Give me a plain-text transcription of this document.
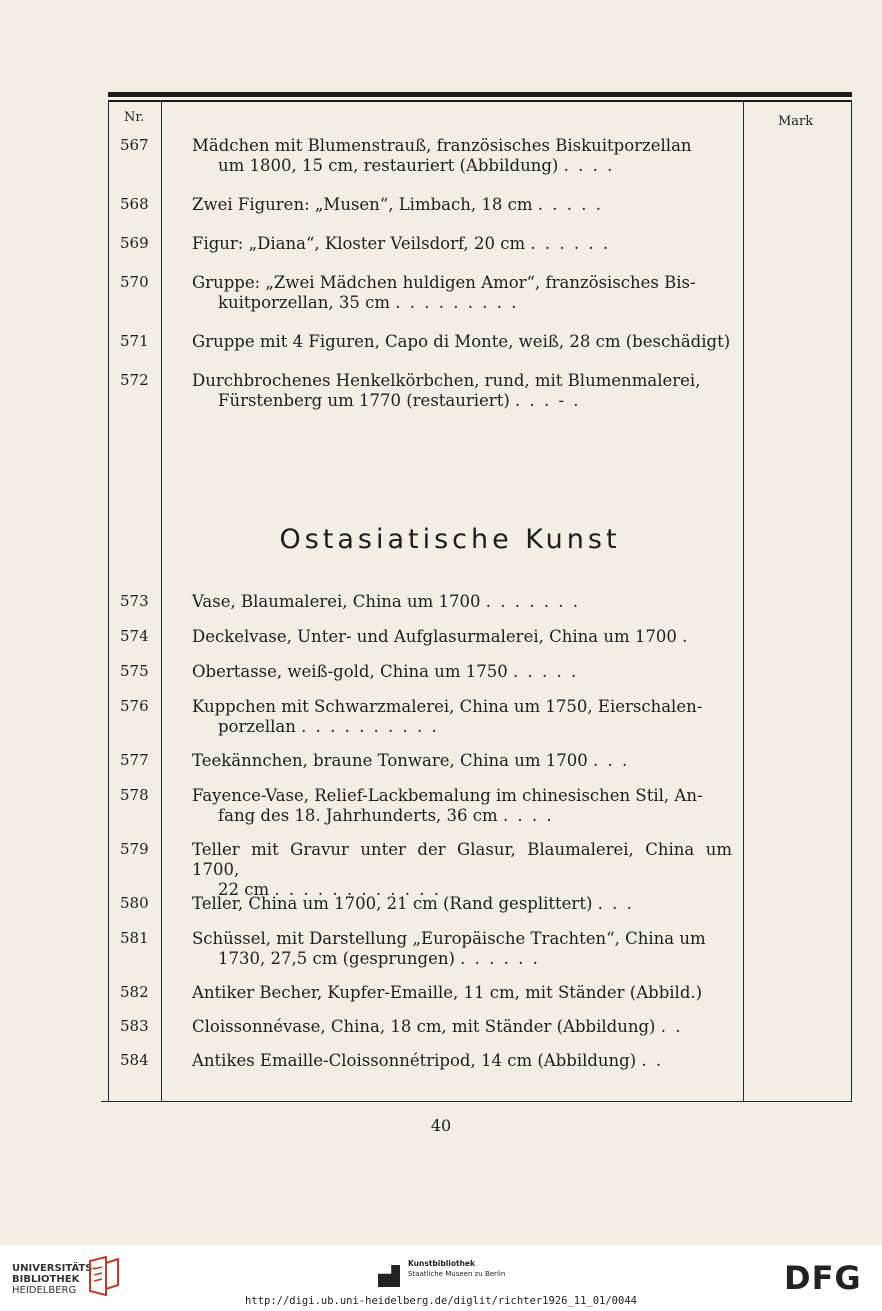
Nr.	Mark
567	Mädchen mit Blumenstrauß, französisches Biskuitporzellan
um 1800, 15 cm, restauriert (Abbildung) . . . .
568	Zwei Figuren: „Musen“, Limbach, 18 cm . . . . .
569	Figur: „Diana“, Kloster Veilsdorf, 20 cm . . . . . .
570	Gruppe: „Zwei Mädchen huldigen Amor“, französisches Bis-
kuitporzellan, 35 cm . . . . . . . . .
571	Gruppe mit 4 Figuren, Capo di Monte, weiß, 28 cm (beschädigt)
572	Durchbrochenes Henkelkörbchen, rund, mit Blumenmalerei,
Fürstenberg um 1770 (restauriert) . . . - .
Ostasiatische Kunst
573	Vase, Blaumalerei, China um 1700 . . . . . . .
574	Deckelvase, Unter- und Aufglasurmalerei, China um 1700 .
575	Obertasse, weiß-gold, China um 1750 . . . . .
576	Kuppchen mit Schwarzmalerei, China um 1750, Eierschalen-
porzellan . . . . . . . . . .
577	Teekännchen, braune Tonware, China um 1700 . . .
578	Fayence-Vase, Relief-Lackbemalung im chinesischen Stil, An-
fang des 18. Jahrhunderts, 36 cm . . . .
579	Teller mit Gravur unter der Glasur, Blaumalerei, China um 1700,
22 cm . . . . . . . . . . . .
580	Teller, China um 1700, 21 cm (Rand gesplittert) . . .
581	Schüssel, mit Darstellung „Europäische Trachten“, China um
1730, 27,5 cm (gesprungen) . . . . . .
582	Antiker Becher, Kupfer-Emaille, 11 cm, mit Ständer (Abbild.)
583	Cloissonnévase, China, 18 cm, mit Ständer (Abbildung) . .
584	Antikes Emaille-Cloissonnétripod, 14 cm (Abbildung) . .
40
UNIVERSITÄTS-
BIBLIOTHEK
HEIDELBERG
Kunstbibliothek
Staatliche Museen zu Berlin	DFG
http://digi.ub.uni-heidelberg.de/diglit/richter1926_11_01/0044
